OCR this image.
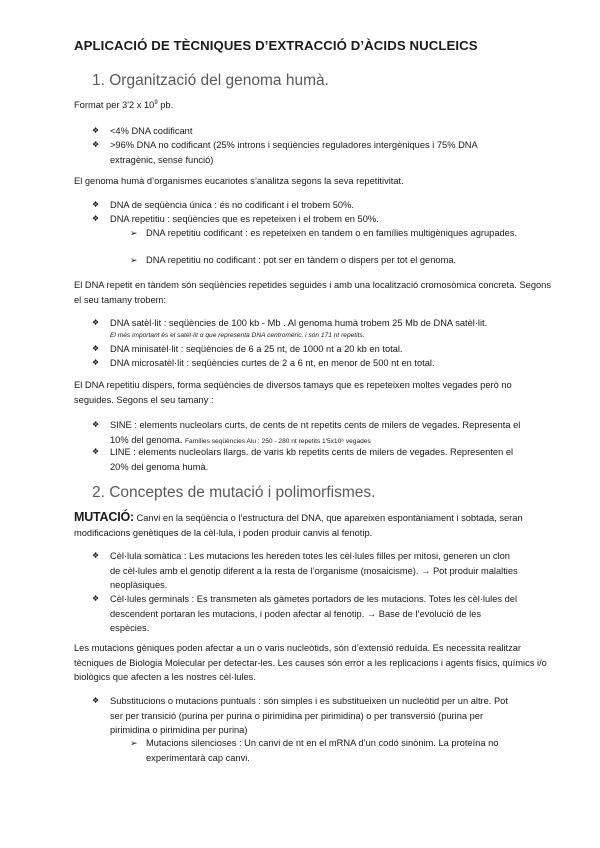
APLICACIÓ DE TÈCNIQUES D’EXTRACCIÓ D’ÀCIDS NUCLEICS
1. Organització del genoma humà.

Format per 3'2 x $10^9$ pb.

❖	<4% DNA codificant
❖	>96% DNA no codificant (25% introns i seqüències reguladores intergèniques i 75% DNA extragènic, sense funció)

El genoma humà d’organismes eucariotes s’analitza segons la seva repetitivitat.

❖	DNA de seqüència única : és no codificant i el trobem 50%.
❖	DNA repetitiu : seqüències que es repeteixen i el trobem en 50%.
➢ DNA repetitiu codificant : es repeteixen en tandem o en famílies multigèniques agrupades.
➢ DNA repetitiu no codificant : pot ser en tàndem o dispers per tot el genoma.

El DNA repetit en tàndem són seqüències repetides seguides i amb una localització cromosòmica concreta. Segons el seu tamany trobem:

❖	DNA satèl·lit : seqüències de 100 kb - Mb . Al genoma humà trobem 25 Mb de DNA satèl·lit.
El més important és el satèl·lit α que representa DNA centromèric, i són 171 nt repetits.
❖	DNA minisatèl·lit : seqüències de 6 a 25 nt, de 1000 nt a 20 kb en total.
❖	DNA microsatèl·lit : seqüències curtes de 2 a 6 nt, en menor de 500 nt en total.

El DNA repetitiu dispers, forma seqüències de diversos tamays que es repeteixen moltes vegades però no seguides. Segons el seu tamany :

❖	SINE : elements nucleolars curts, de cents de nt repetits cents de milers de vegades. Representa el 10% del genoma. Famílies seqüències Alu : 250 - 280 nt repetits 1'5x10⁶ vegades
❖	LINE : elements nucleolars llargs. de varis kb repetits cents de milers de vegades. Representen el 20% del genoma humà.
2. Conceptes de mutació i polimorfismes.

MUTACIÓ: Canvi en la seqüència o l’estructura del DNA, que apareixen espontàniament i sobtada, seran modificacions genètiques de la cèl·lula, i poden produir canvis al fenotip.

❖	Cèl·lula somàtica : Les mutacions les hereden totes les cèl·lules filles per mitosi, generen un clon de cèl·lules amb el genotip diferent a la resta de l’organisme (mosaicisme). → Pot produir malalties neoplàsiques.
❖	Cèl·lules germinals : Es transmeten als gàmetes portadors de les mutacions. Totes les cèl·lules del descendent portaran les mutacions, i poden afectar al fenotip. → Base de l’evolució de les espècies.

Les mutacions gèniques poden afectar a un o varis nucleòtids, són d’extensió reduïda. Es necessita realitzar tècniques de Biologia Molecular per detectar-les. Les causes són error a les replicacions i agents físics, químics i/o biològics que afecten a les nostres cèl·lules.

❖	Substitucions o mutacions puntuals : són simples i es substitueixen un nucleòtid per un altre. Pot ser per transició (purina per purina o pirimidina per pirimidina) o per transversió (purina per pirimidina o pirimidina per purina)
➢ Mutacions silencioses : Un canvi de nt en el mRNA d’un codó sinònim. La proteïna no experimentarà cap canvi.
